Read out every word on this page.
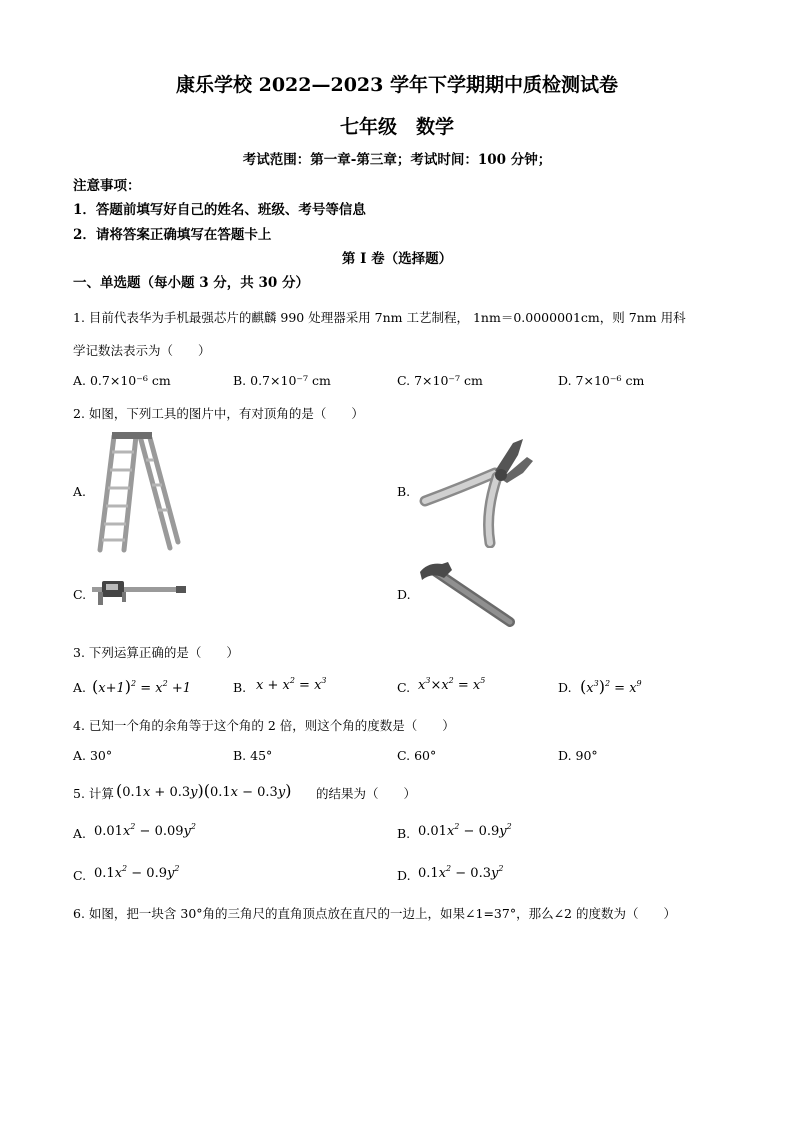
康乐学校 2022—2023 学年下学期期中质检测试卷
七年级　数学
考试范围：第一章-第三章；考试时间：100 分钟；
注意事项：
1．答题前填写好自己的姓名、班级、考号等信息
2．请将答案正确填写在答题卡上
第 I 卷（选择题）
一、单选题（每小题 3 分，共 30 分）
1. 目前代表华为手机最强芯片的麒麟 990 处理器采用 7nm 工艺制程， 1nm＝0.0000001cm，则 7nm 用科
学记数法表示为（　　）
A. 0.7×10⁻⁶ cm	B. 0.7×10⁻⁷ cm	C. 7×10⁻⁷ cm	D. 7×10⁻⁶ cm
2. 如图，下列工具的图片中，有对顶角的是（　　）
A.	B.
C.	D.
3. 下列运算正确的是（　　）
A. $(x+1)^2 = x^2 +1$	B. $x + x^2 = x^3$	C. $x^3\times x^2 = x^5$	D. $(x^3)^2 = x^9$
4. 已知一个角的余角等于这个角的 2 倍，则这个角的度数是（　　）
A. 30°	B. 45°	C. 60°	D. 90°
5. 计算 (0.1x + 0.3y)(0.1x − 0.3y) 的结果为（　　）
A. $0.01x^2 - 0.09y^2$	B. $0.01x^2 - 0.9y^2$
C. $0.1x^2 - 0.9y^2$	D. $0.1x^2 - 0.3y^2$
6. 如图，把一块含 30°角的三角尺的直角顶点放在直尺的一边上，如果∠1=37°，那么∠2 的度数为（　　）
